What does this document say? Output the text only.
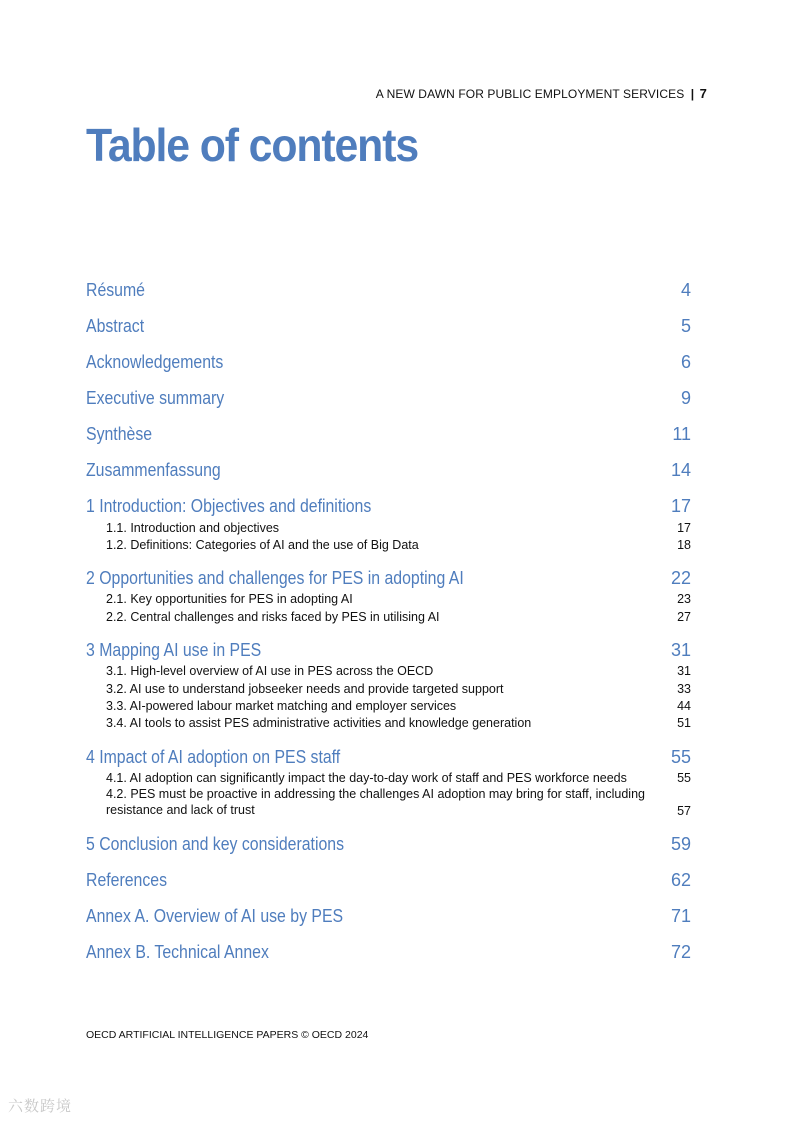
A NEW DAWN FOR PUBLIC EMPLOYMENT SERVICES | 7
Table of contents
Résumé	4
Abstract	5
Acknowledgements	6
Executive summary	9
Synthèse	11
Zusammenfassung	14
1 Introduction: Objectives and definitions	17
1.1. Introduction and objectives	17
1.2. Definitions: Categories of AI and the use of Big Data	18
2 Opportunities and challenges for PES in adopting AI	22
2.1. Key opportunities for PES in adopting AI	23
2.2. Central challenges and risks faced by PES in utilising AI	27
3 Mapping AI use in PES	31
3.1. High-level overview of AI use in PES across the OECD	31
3.2. AI use to understand jobseeker needs and provide targeted support	33
3.3. AI-powered labour market matching and employer services	44
3.4. AI tools to assist PES administrative activities and knowledge generation	51
4 Impact of AI adoption on PES staff	55
4.1. AI adoption can significantly impact the day-to-day work of staff and PES workforce needs	55
4.2. PES must be proactive in addressing the challenges AI adoption may bring for staff, including resistance and lack of trust	57
5 Conclusion and key considerations	59
References	62
Annex A. Overview of AI use by PES	71
Annex B. Technical Annex	72
OECD ARTIFICIAL INTELLIGENCE PAPERS © OECD 2024
六数跨境
